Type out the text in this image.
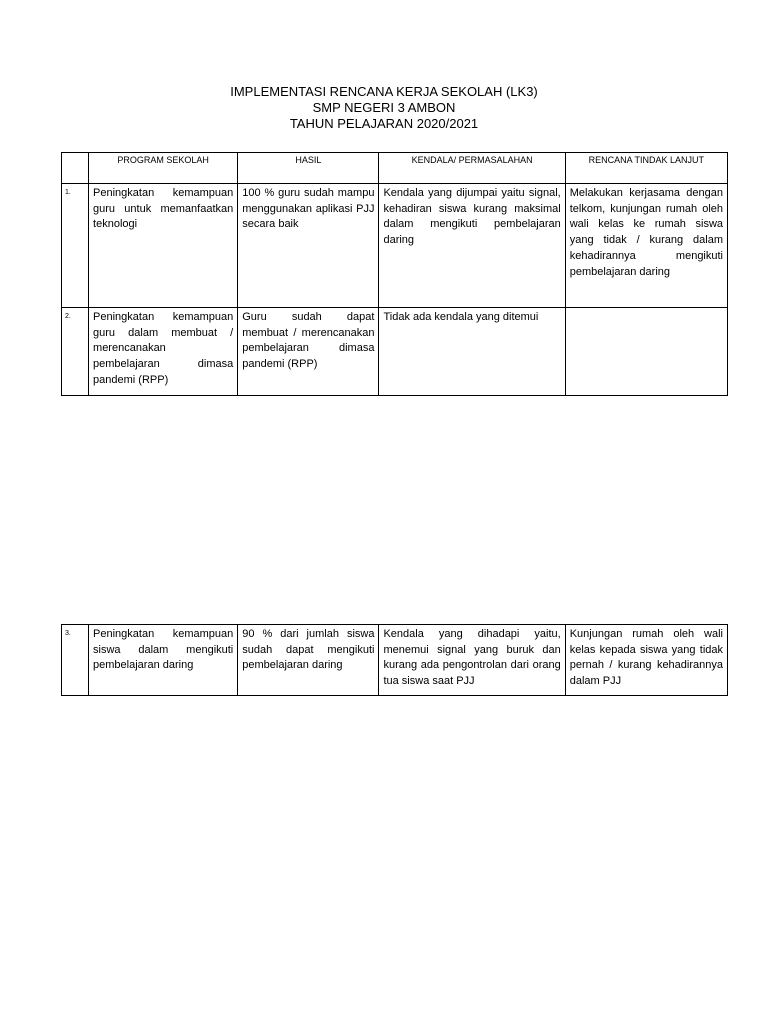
IMPLEMENTASI RENCANA KERJA SEKOLAH (LK3)
SMP NEGERI 3 AMBON
TAHUN PELAJARAN 2020/2021
	PROGRAM SEKOLAH	HASIL	KENDALA/ PERMASALAHAN	RENCANA TINDAK LANJUT
1.	Peningkatan kemampuan guru untuk memanfaatkan teknologi	100 % guru sudah mampu menggunakan aplikasi PJJ secara baik	Kendala yang dijumpai yaitu signal, kehadiran siswa kurang maksimal dalam mengikuti pembelajaran daring	Melakukan kerjasama dengan telkom, kunjungan rumah oleh wali kelas ke rumah siswa yang tidak / kurang dalam kehadirannya mengikuti pembelajaran daring
2.	Peningkatan kemampuan guru dalam membuat / merencanakan pembelajaran dimasa pandemi (RPP)	Guru sudah dapat membuat / merencanakan pembelajaran dimasa pandemi (RPP)	Tidak ada kendala yang ditemui	
3.	Peningkatan kemampuan siswa dalam mengikuti pembelajaran daring	90 % dari jumlah siswa sudah dapat mengikuti pembelajaran daring	Kendala yang dihadapi yaitu, menemui signal yang buruk dan kurang ada pengontrolan dari orang tua siswa saat PJJ	Kunjungan rumah oleh wali kelas kepada siswa yang tidak pernah / kurang kehadirannya dalam PJJ
